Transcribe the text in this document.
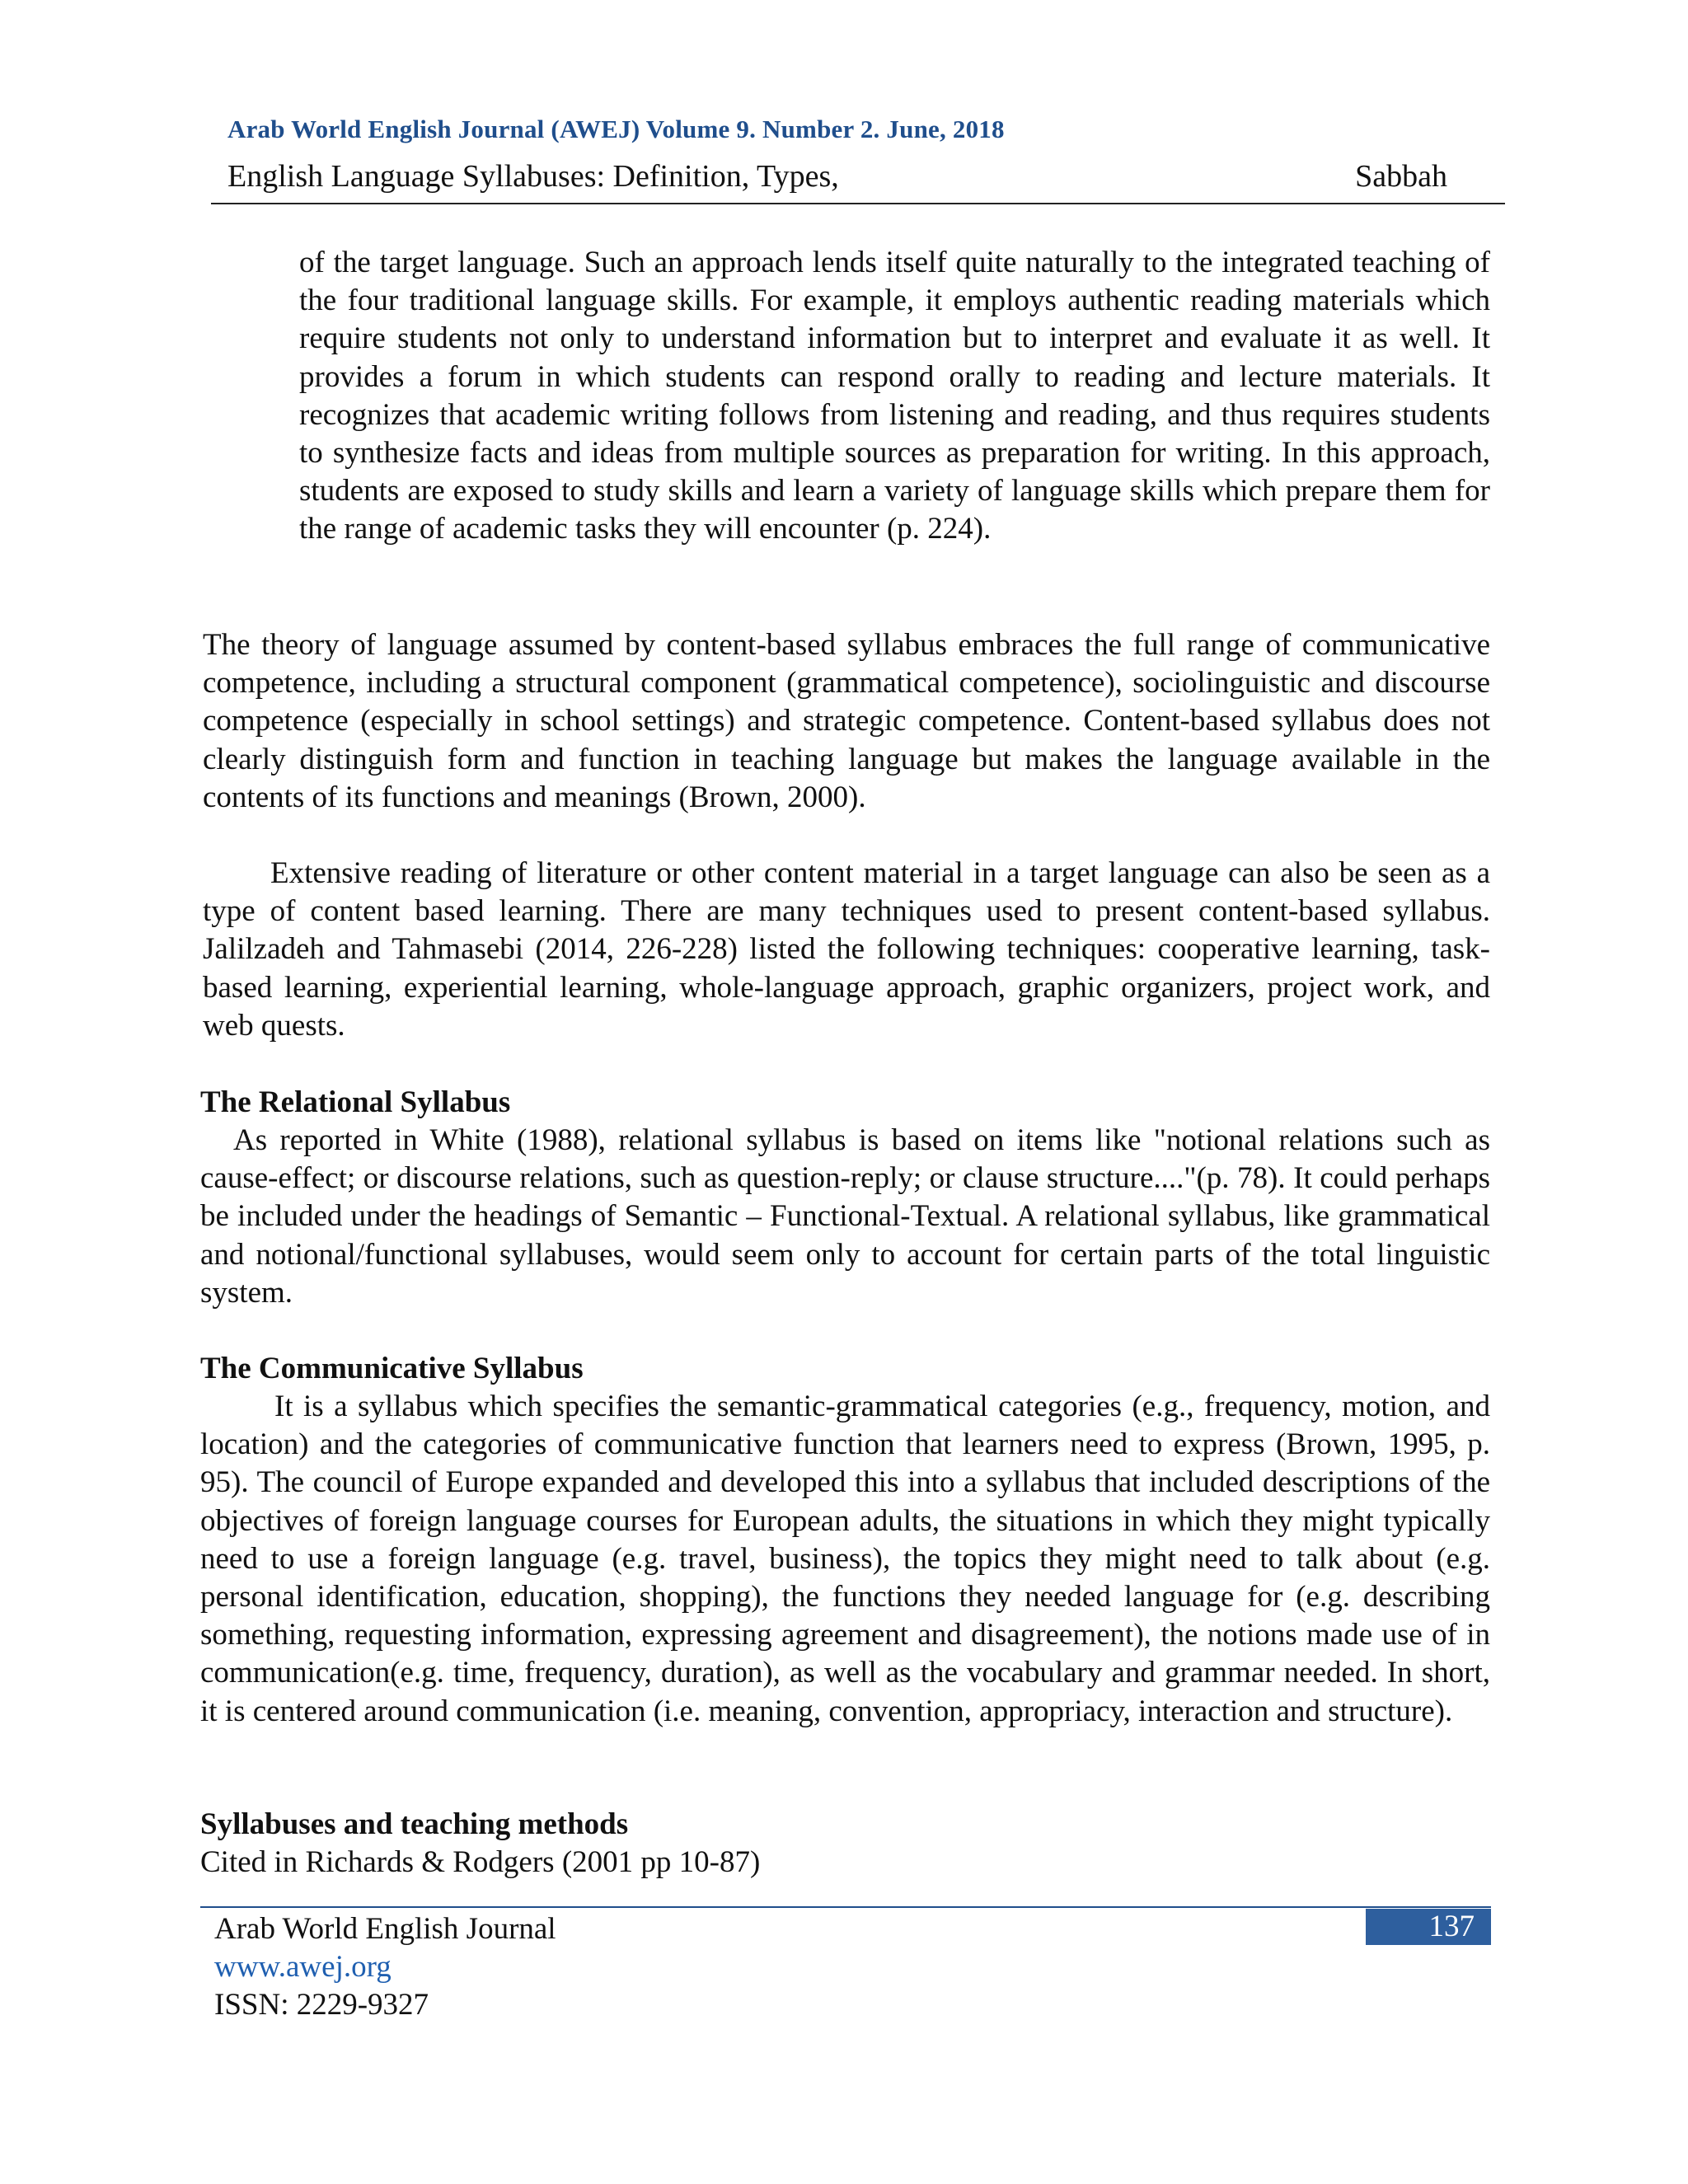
Arab World English Journal (AWEJ) Volume 9. Number 2. June, 2018
English Language Syllabuses: Definition, Types,	Sabbah

of the target language. Such an approach lends itself quite naturally to the integrated teaching of the four traditional language skills. For example, it employs authentic reading materials which require students not only to understand information but to interpret and evaluate it as well. It provides a forum in which students can respond orally to reading and lecture materials. It recognizes that academic writing follows from listening and reading, and thus requires students to synthesize facts and ideas from multiple sources as preparation for writing. In this approach, students are exposed to study skills and learn a variety of language skills which prepare them for the range of academic tasks they will encounter (p. 224).

The theory of language assumed by content-based syllabus embraces the full range of communicative competence, including a structural component (grammatical competence), sociolinguistic and discourse competence (especially in school settings) and strategic competence. Content-based syllabus does not clearly distinguish form and function in teaching language but makes the language available in the contents of its functions and meanings (Brown, 2000).

Extensive reading of literature or other content material in a target language can also be seen as a type of content based learning. There are many techniques used to present content-based syllabus. Jalilzadeh and Tahmasebi (2014, 226-228) listed the following techniques: cooperative learning, task-based learning, experiential learning, whole-language approach, graphic organizers, project work, and web quests.

The Relational Syllabus

As reported in White (1988), relational syllabus is based on items like "notional relations such as cause-effect; or discourse relations, such as question-reply; or clause structure...."(p. 78). It could perhaps be included under the headings of Semantic – Functional-Textual. A relational syllabus, like grammatical and notional/functional syllabuses, would seem only to account for certain parts of the total linguistic system.

The Communicative Syllabus

It is a syllabus which specifies the semantic-grammatical categories (e.g., frequency, motion, and location) and the categories of communicative function that learners need to express (Brown, 1995, p. 95). The council of Europe expanded and developed this into a syllabus that included descriptions of the objectives of foreign language courses for European adults, the situations in which they might typically need to use a foreign language (e.g. travel, business), the topics they might need to talk about (e.g. personal identification, education, shopping), the functions they needed language for (e.g. describing something, requesting information, expressing agreement and disagreement), the notions made use of in communication(e.g. time, frequency, duration), as well as the vocabulary and grammar needed. In short, it is centered around communication (i.e. meaning, convention, appropriacy, interaction and structure).

Syllabuses and teaching methods

Cited in Richards & Rodgers (2001 pp 10-87)

Arab World English Journal
www.awej.org
ISSN: 2229-9327
137
